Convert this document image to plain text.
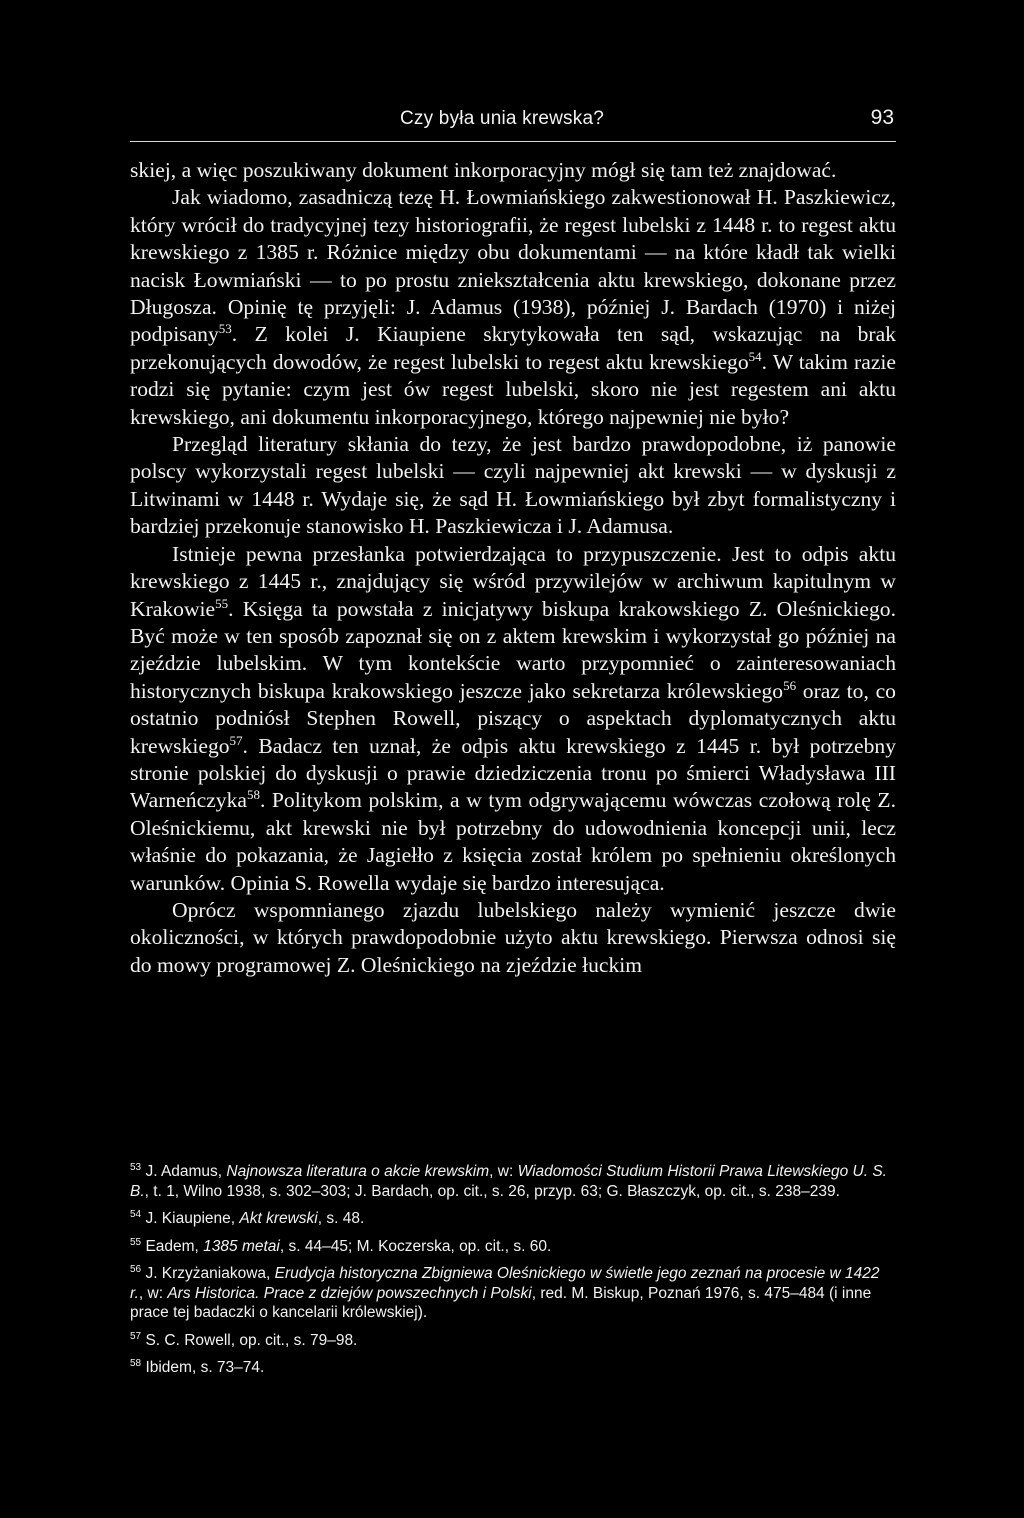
Czy była unia krewska?	93

skiej, a więc poszukiwany dokument inkorporacyjny mógł się tam też znajdować.

Jak wiadomo, zasadniczą tezę H. Łowmiańskiego zakwestionował H. Paszkiewicz, który wrócił do tradycyjnej tezy historiografii, że regest lubelski z 1448 r. to regest aktu krewskiego z 1385 r. Różnice między obu dokumentami — na które kładł tak wielki nacisk Łowmiański — to po prostu zniekształcenia aktu krewskiego, dokonane przez Długosza. Opinię tę przyjęli: J. Adamus (1938), później J. Bardach (1970) i niżej podpisany$^{53}$. Z kolei J. Kiaupiene skrytykowała ten sąd, wskazując na brak przekonujących dowodów, że regest lubelski to regest aktu krewskiego$^{54}$. W takim razie rodzi się pytanie: czym jest ów regest lubelski, skoro nie jest regestem ani aktu krewskiego, ani dokumentu inkorporacyjnego, którego najpewniej nie było?

Przegląd literatury skłania do tezy, że jest bardzo prawdopodobne, iż panowie polscy wykorzystali regest lubelski — czyli najpewniej akt krewski — w dyskusji z Litwinami w 1448 r. Wydaje się, że sąd H. Łowmiańskiego był zbyt formalistyczny i bardziej przekonuje stanowisko H. Paszkiewicza i J. Adamusa.

Istnieje pewna przesłanka potwierdzająca to przypuszczenie. Jest to odpis aktu krewskiego z 1445 r., znajdujący się wśród przywilejów w archiwum kapitulnym w Krakowie$^{55}$. Księga ta powstała z inicjatywy biskupa krakowskiego Z. Oleśnickiego. Być może w ten sposób zapoznał się on z aktem krewskim i wykorzystał go później na zjeździe lubelskim. W tym kontekście warto przypomnieć o zainteresowaniach historycznych biskupa krakowskiego jeszcze jako sekretarza królewskiego$^{56}$ oraz to, co ostatnio podniósł Stephen Rowell, piszący o aspektach dyplomatycznych aktu krewskiego$^{57}$. Badacz ten uznał, że odpis aktu krewskiego z 1445 r. był potrzebny stronie polskiej do dyskusji o prawie dziedziczenia tronu po śmierci Władysława III Warneńczyka$^{58}$. Politykom polskim, a w tym odgrywającemu wówczas czołową rolę Z. Oleśnickiemu, akt krewski nie był potrzebny do udowodnienia koncepcji unii, lecz właśnie do pokazania, że Jagiełło z księcia został królem po spełnieniu określonych warunków. Opinia S. Rowella wydaje się bardzo interesująca.

Oprócz wspomnianego zjazdu lubelskiego należy wymienić jeszcze dwie okoliczności, w których prawdopodobnie użyto aktu krewskiego. Pierwsza odnosi się do mowy programowej Z. Oleśnickiego na zjeździe łuckim

$^{53}$ J. Adamus, Najnowsza literatura o akcie krewskim, w: Wiadomości Studium Historii Prawa Litewskiego U. S. B., t. 1, Wilno 1938, s. 302–303; J. Bardach, op. cit., s. 26, przyp. 63; G. Błaszczyk, op. cit., s. 238–239.
$^{54}$ J. Kiaupiene, Akt krewski, s. 48.
$^{55}$ Eadem, 1385 metai, s. 44–45; M. Koczerska, op. cit., s. 60.
$^{56}$ J. Krzyżaniakowa, Erudycja historyczna Zbigniewa Oleśnickiego w świetle jego zeznań na procesie w 1422 r., w: Ars Historica. Prace z dziejów powszechnych i Polski, red. M. Biskup, Poznań 1976, s. 475–484 (i inne prace tej badaczki o kancelarii królewskiej).
$^{57}$ S. C. Rowell, op. cit., s. 79–98.
$^{58}$ Ibidem, s. 73–74.
